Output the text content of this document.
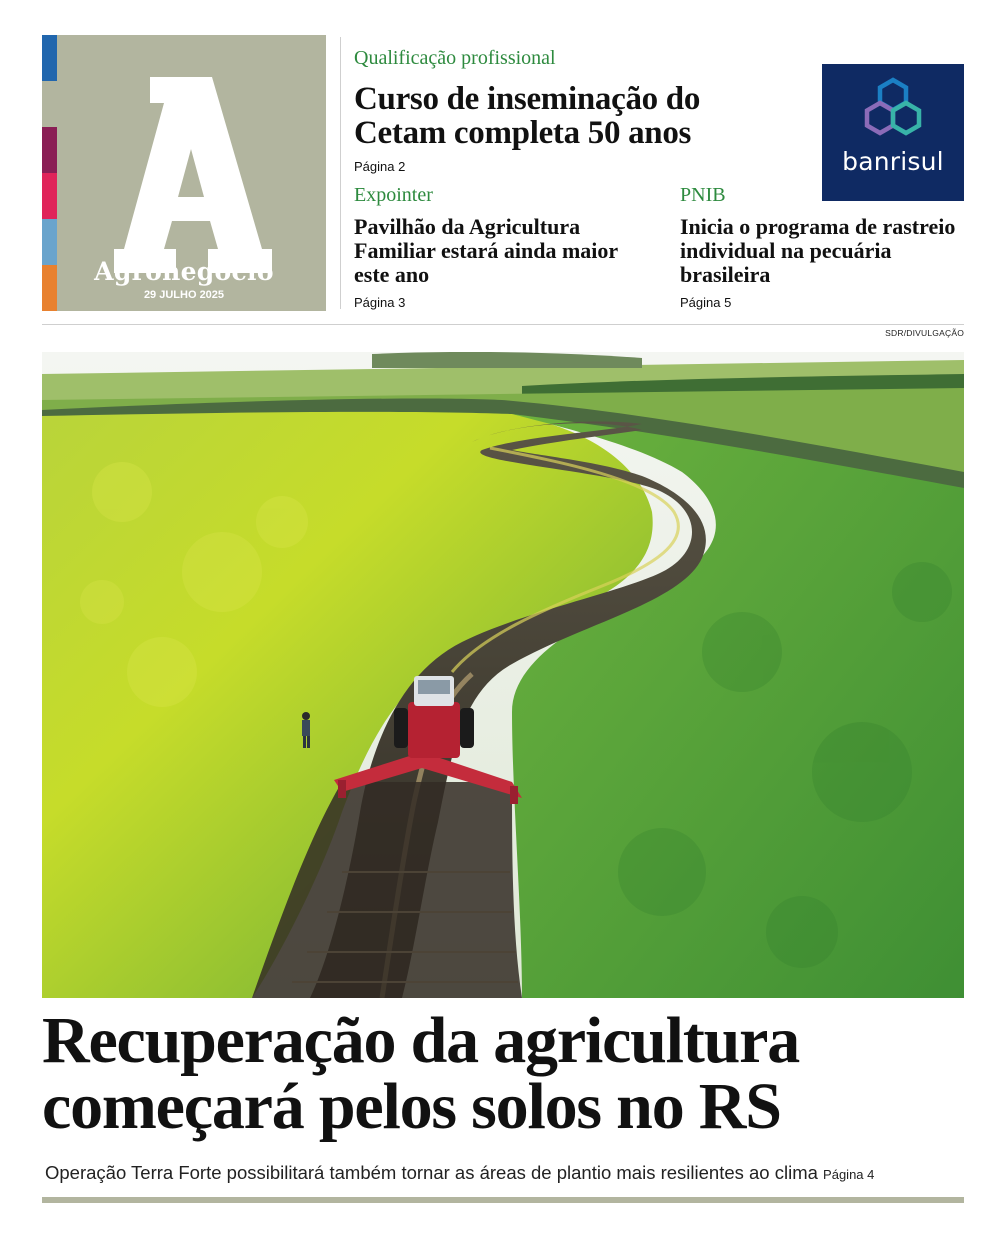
Agronegócio
29 JULHO 2025
Qualificação profissional
Curso de inseminação do Cetam completa 50 anos
Página 2
Expointer
Pavilhão da Agricultura Familiar estará ainda maior este ano
Página 3
PNIB
Inicia o programa de rastreio individual na pecuária brasileira
Página 5
banrisul
SDR/DIVULGAÇÃO
Recuperação da agricultura começará pelos solos no RS
Operação Terra Forte possibilitará também tornar as áreas de plantio mais resilientes ao clima Página 4
